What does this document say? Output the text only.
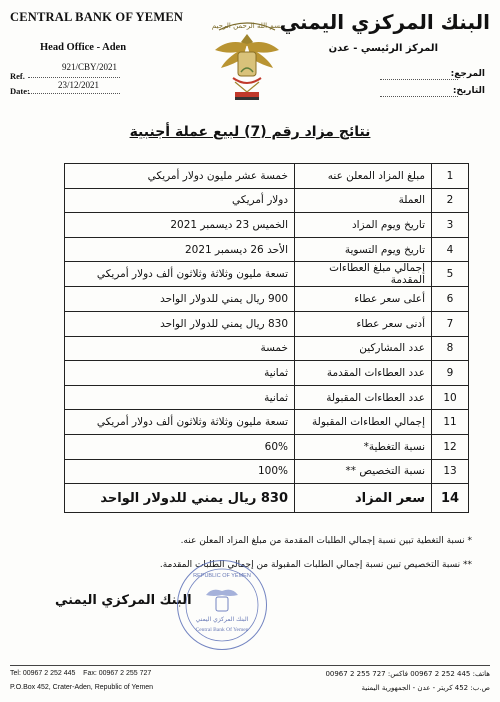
CENTRAL BANK OF YEMEN
Head Office - Aden
921/CBY/2021
Ref.
23/12/2021
Date:
بسم الله الرحمن الرحيم
البنك المركزي اليمني
المركز الرئيسي - عدن
المرجع:
التاريخ:
نتائج مزاد رقم (7) لبيع عملة أجنبية
1	مبلغ المزاد المعلن عنه	خمسة عشر مليون دولار أمريكي
2	العملة	دولار أمريكي
3	تاريخ ويوم المزاد	الخميس 23 ديسمبر 2021
4	تاريخ ويوم التسوية	الأحد 26 ديسمبر 2021
5	إجمالي مبلغ العطاءات المقدمة	تسعة مليون وثلاثة وثلاثون ألف دولار أمريكي
6	أعلى سعر عطاء	900 ريال يمني للدولار الواحد
7	أدنى سعر عطاء	830 ريال يمني للدولار الواحد
8	عدد المشاركين	خمسة
9	عدد العطاءات المقدمة	ثمانية
10	عدد العطاءات المقبولة	ثمانية
11	إجمالي العطاءات المقبولة	تسعة مليون وثلاثة وثلاثون ألف دولار أمريكي
12	نسبة التغطية*	60%
13	نسبة التخصيص **	100%
14	سعر المزاد	830 ريال يمني للدولار الواحد
* نسبة التغطية تبين نسبة إجمالي الطلبات المقدمة من مبلغ المزاد المعلن عنه.
** نسبة التخصيص تبين نسبة إجمالي الطلبات المقبولة من إجمالي الطلبات المقدمة.
البنك المركزي اليمني
REPUBLIC OF YEMEN
البنك المركزي اليمني
Central Bank Of Yemen
Tel: 00967 2 252 445 Fax: 00967 2 255 727
P.O.Box 452, Crater-Aden, Republic of Yemen
هاتف: 445 252 2 00967 فاكس: 727 255 2 00967
ص.ب: 452 كريتر - عدن - الجمهورية اليمنية
